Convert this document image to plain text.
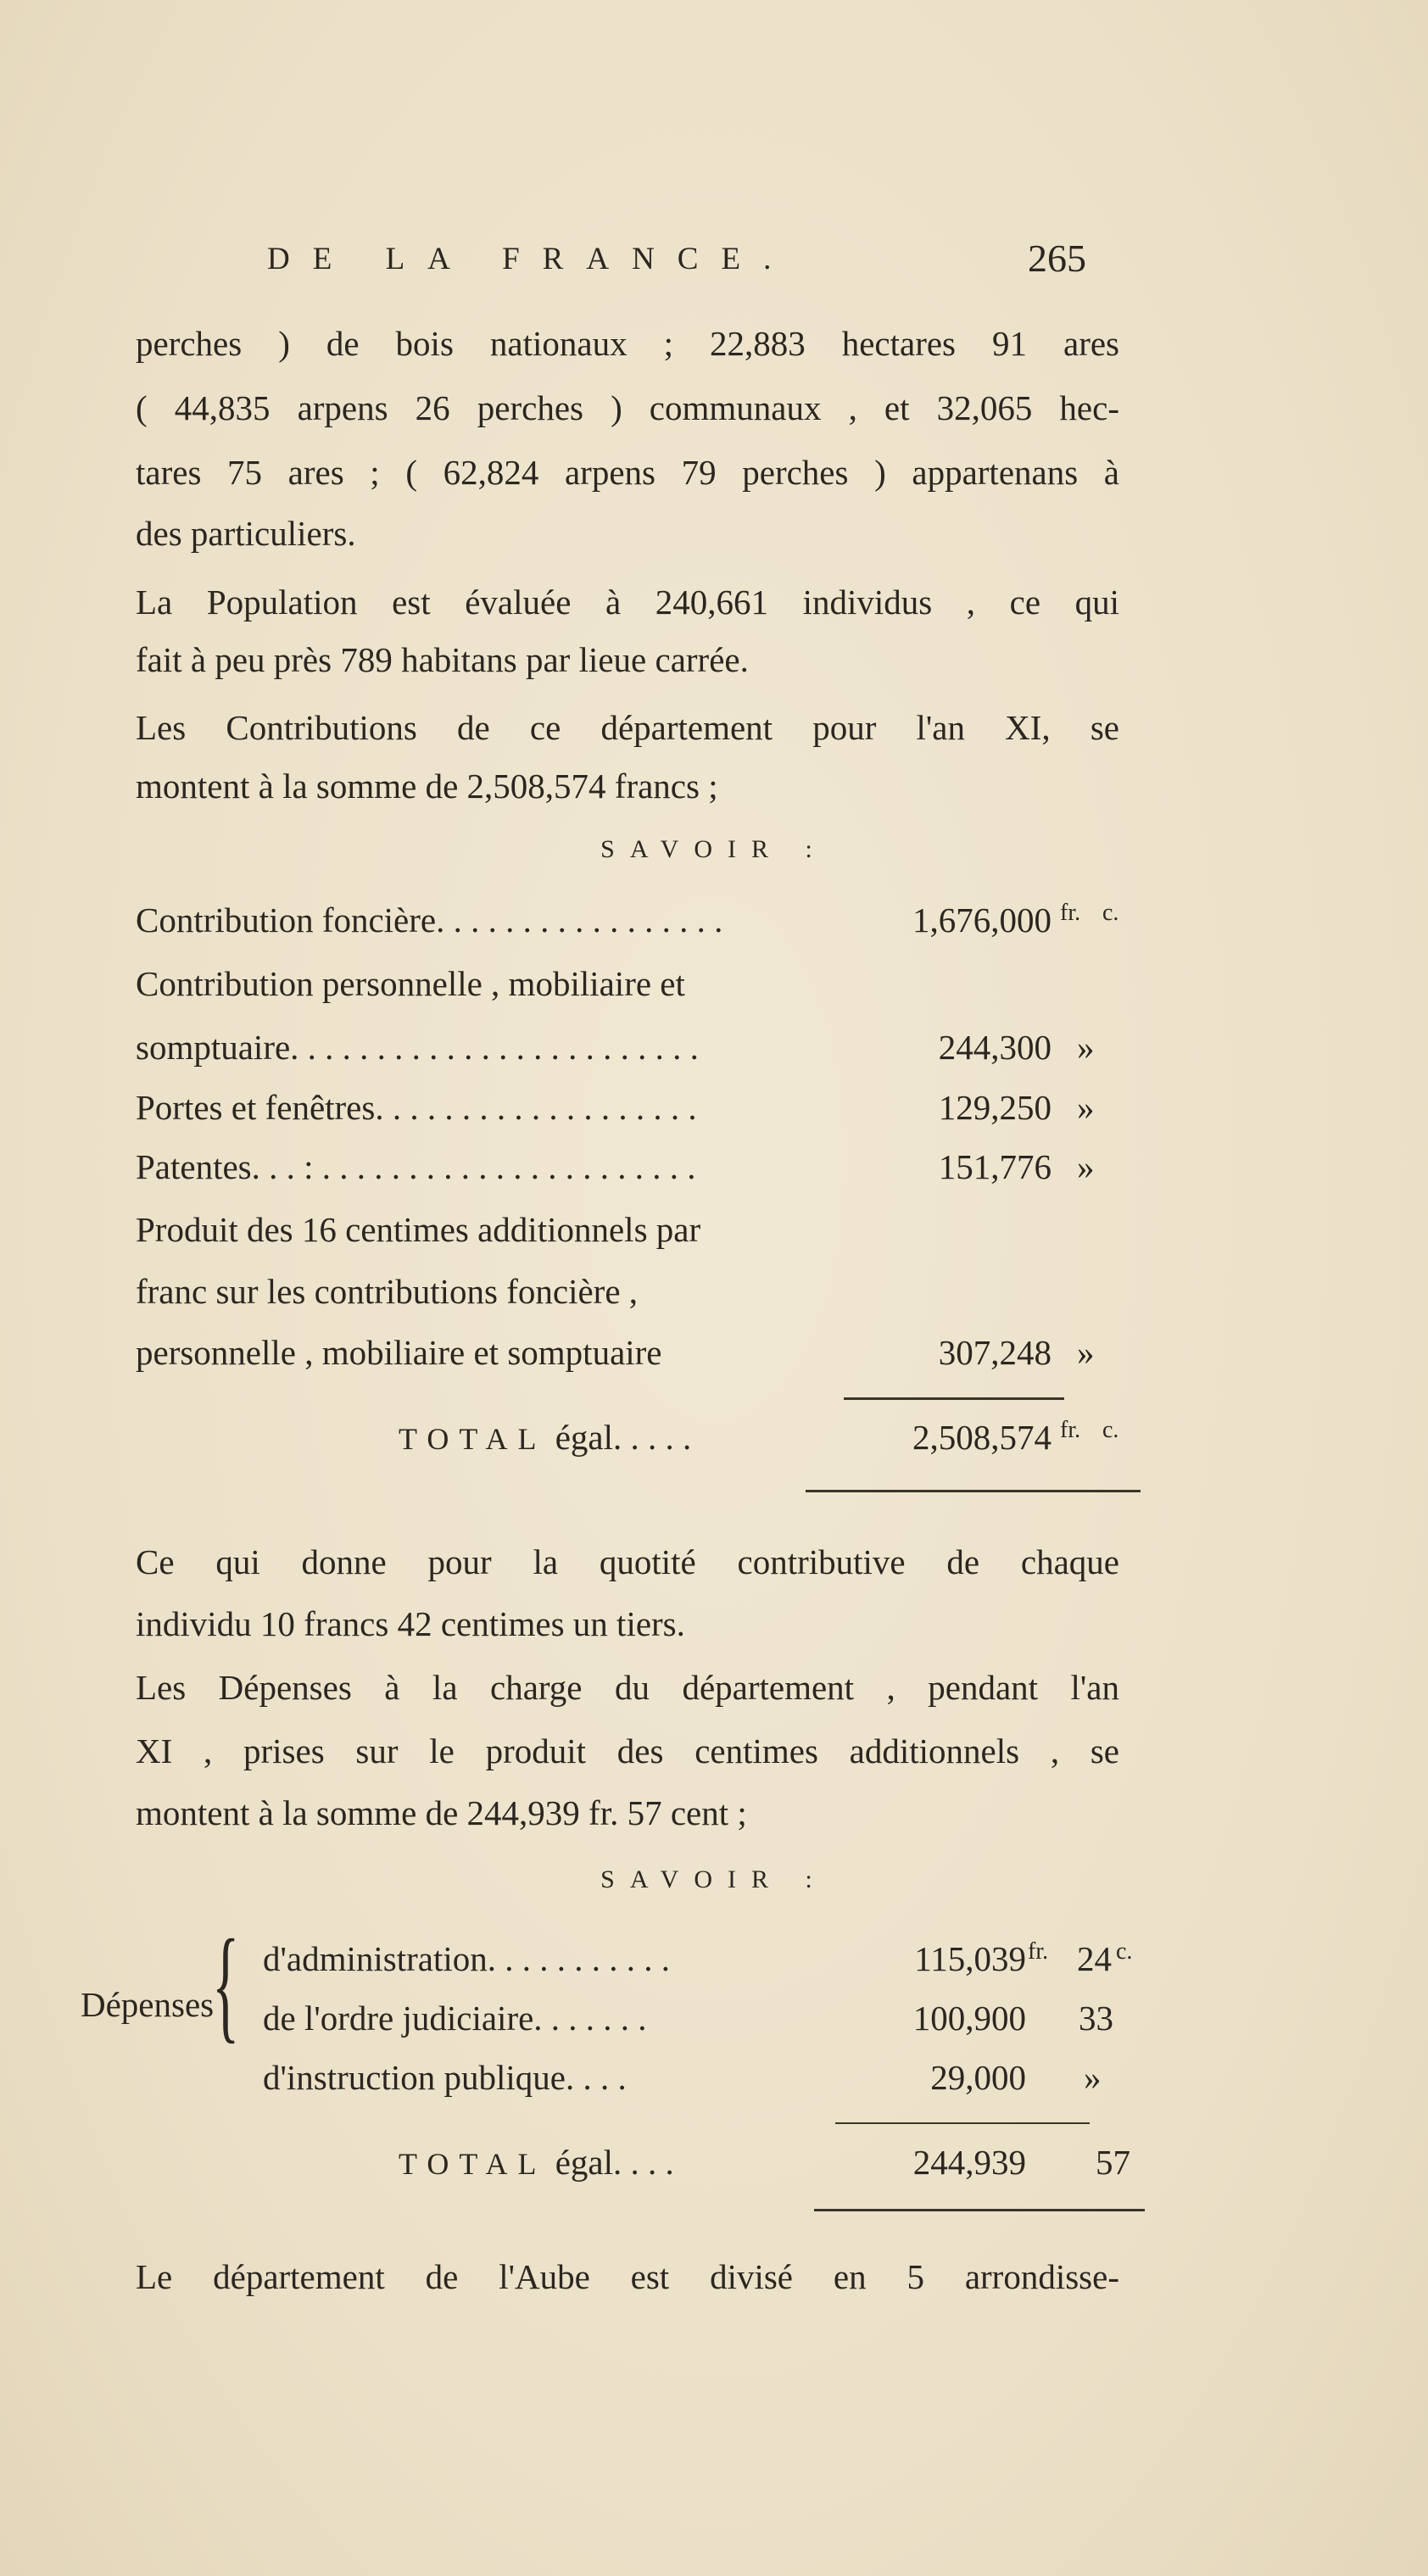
DE LA FRANCE.	265
perches ) de bois nationaux ; 22,883 hectares 91 ares
( 44,835 arpens 26 perches ) communaux , et 32,065 hec-
tares 75 ares ; ( 62,824 arpens 79 perches ) appartenans à
des particuliers.
La Population est évaluée à 240,661 individus , ce qui
fait à peu près 789 habitans par lieue carrée.
Les Contributions de ce département pour l'an XI, se
montent à la somme de 2,508,574 francs ;
SAVOIR :
Contribution foncière. . . . . . . . . . . . . . . . .	1,676,000 fr. c.
Contribution personnelle , mobiliaire et
somptuaire. . . . . . . . . . . . . . . . . . . . . . . .	244,300 »
Portes et fenêtres. . . . . . . . . . . . . . . . . . .	129,250 »
Patentes. . . : . . . . . . . . . . . . . . . . . . . . . .	151,776 »
Produit des 16 centimes additionnels par
franc sur les contributions foncière ,
personnelle , mobiliaire et somptuaire	307,248 »
TOTAL égal. . . . .	2,508,574 fr. c.
Ce qui donne pour la quotité contributive de chaque
individu 10 francs 42 centimes un tiers.
Les Dépenses à la charge du département , pendant l'an
XI , prises sur le produit des centimes additionnels , se
montent à la somme de 244,939 fr. 57 cent ;
SAVOIR :
Dépenses
{ d'administration. . . . . . . . . . .	115,039 fr. 24 c.
de l'ordre judiciaire. . . . . . .	100,900 33
d'instruction publique. . . .	29,000 »
TOTAL égal. . . .	244,939 57
Le département de l'Aube est divisé en 5 arrondisse-
